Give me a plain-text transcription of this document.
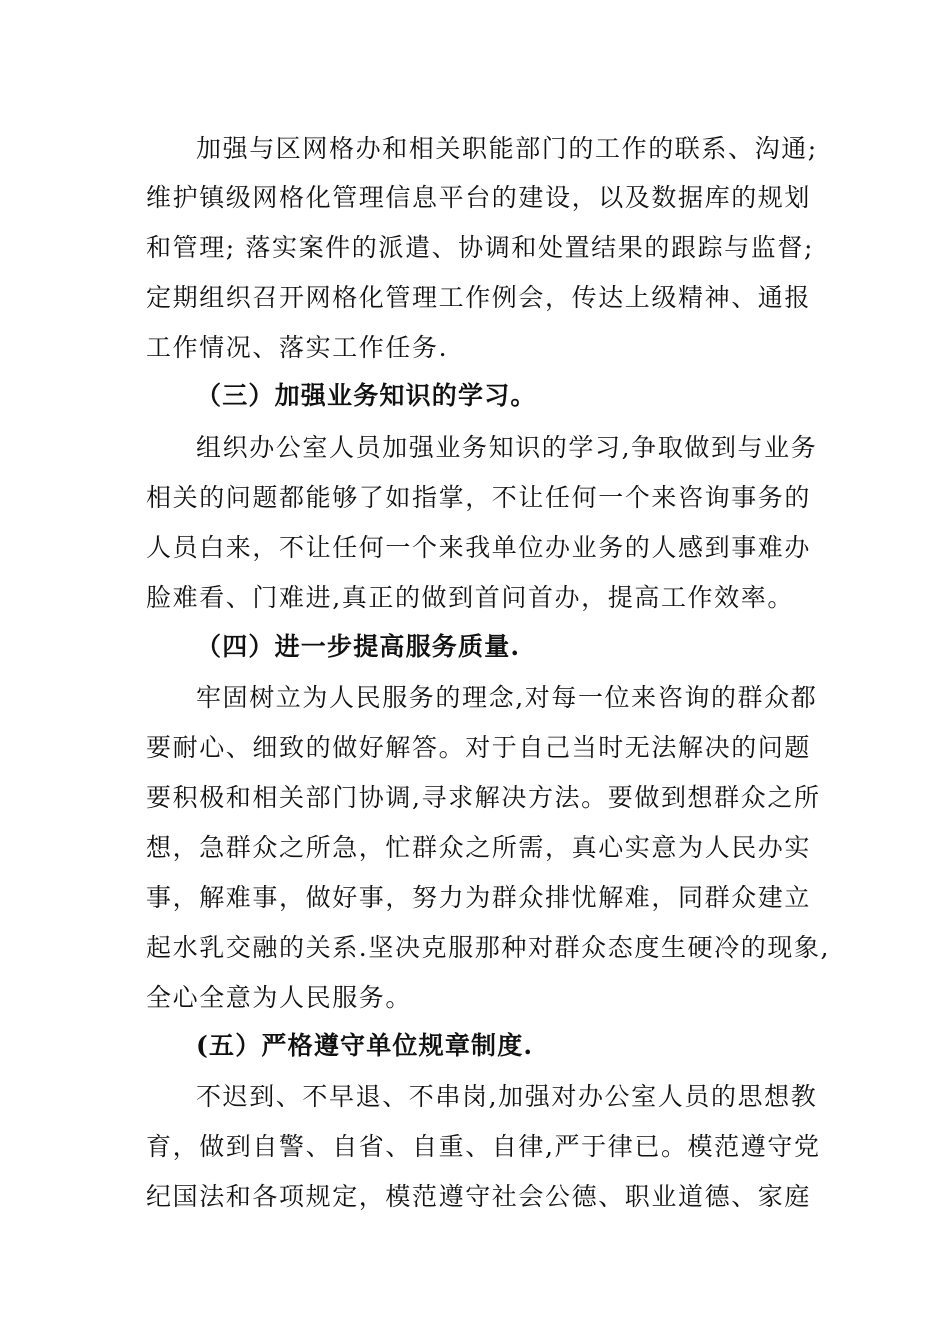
加强与区网格办和相关职能部门的工作的联系、沟通;
维护镇级网格化管理信息平台的建设，以及数据库的规划
和管理; 落实案件的派遣、协调和处置结果的跟踪与监督;
定期组织召开网格化管理工作例会，传达上级精神、通报
工作情况、落实工作任务.
（三）加强业务知识的学习。
组织办公室人员加强业务知识的学习,争取做到与业务
相关的问题都能够了如指掌，不让任何一个来咨询事务的
人员白来，不让任何一个来我单位办业务的人感到事难办
脸难看、门难进,真正的做到首问首办，提高工作效率。
（四）进一步提高服务质量.
牢固树立为人民服务的理念,对每一位来咨询的群众都
要耐心、细致的做好解答。对于自己当时无法解决的问题
要积极和相关部门协调,寻求解决方法。要做到想群众之所
想，急群众之所急，忙群众之所需，真心实意为人民办实
事，解难事，做好事，努力为群众排忧解难，同群众建立
起水乳交融的关系.坚决克服那种对群众态度生硬冷的现象,
全心全意为人民服务。
(五）严格遵守单位规章制度.
不迟到、不早退、不串岗,加强对办公室人员的思想教
育，做到自警、自省、自重、自律,严于律已。模范遵守党
纪国法和各项规定，模范遵守社会公德、职业道德、家庭
